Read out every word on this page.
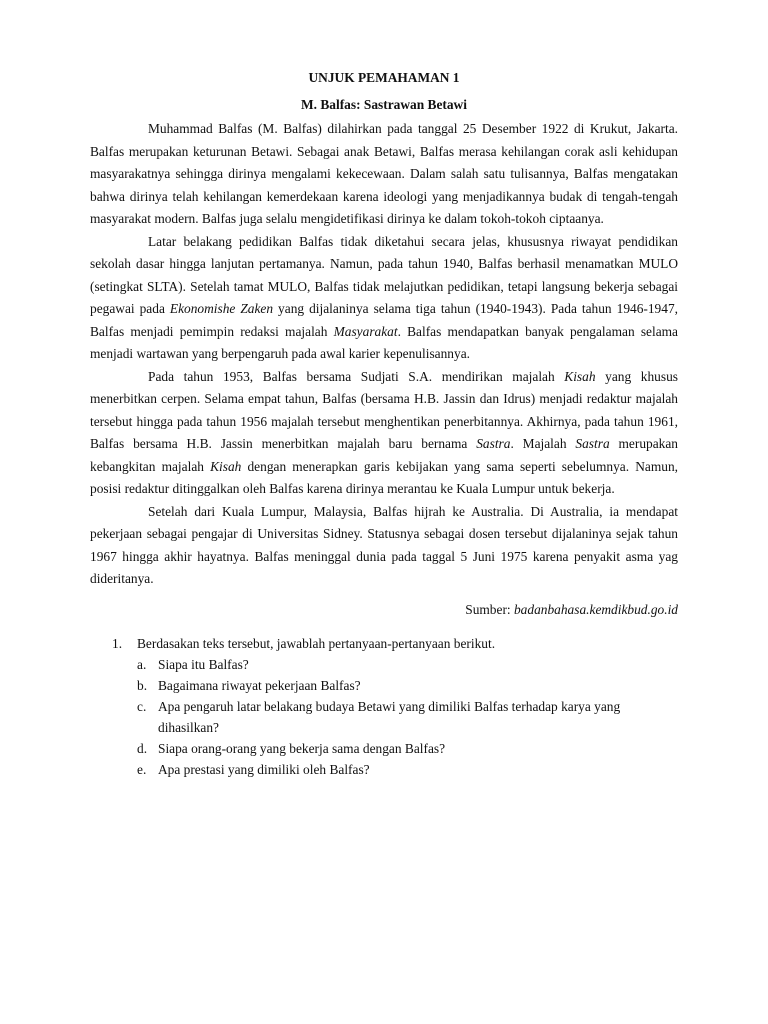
UNJUK PEMAHAMAN 1

M. Balfas: Sastrawan Betawi

Muhammad Balfas (M. Balfas) dilahirkan pada tanggal 25 Desember 1922 di Krukut, Jakarta. Balfas merupakan keturunan Betawi. Sebagai anak Betawi, Balfas merasa kehilangan corak asli kehidupan masyarakatnya sehingga dirinya mengalami kekecewaan. Dalam salah satu tulisannya, Balfas mengatakan bahwa dirinya telah kehilangan kemerdekaan karena ideologi yang menjadikannya budak di tengah-tengah masyarakat modern. Balfas juga selalu mengidetifikasi dirinya ke dalam tokoh-tokoh ciptaanya.

Latar belakang pedidikan Balfas tidak diketahui secara jelas, khususnya riwayat pendidikan sekolah dasar hingga lanjutan pertamanya. Namun, pada tahun 1940, Balfas berhasil menamatkan MULO (setingkat SLTA). Setelah tamat MULO, Balfas tidak melajutkan pedidikan, tetapi langsung bekerja sebagai pegawai pada Ekonomishe Zaken yang dijalaninya selama tiga tahun (1940-1943). Pada tahun 1946-1947, Balfas menjadi pemimpin redaksi majalah Masyarakat. Balfas mendapatkan banyak pengalaman selama menjadi wartawan yang berpengaruh pada awal karier kepenulisannya.

Pada tahun 1953, Balfas bersama Sudjati S.A. mendirikan majalah Kisah yang khusus menerbitkan cerpen. Selama empat tahun, Balfas (bersama H.B. Jassin dan Idrus) menjadi redaktur majalah tersebut hingga pada tahun 1956 majalah tersebut menghentikan penerbitannya. Akhirnya, pada tahun 1961, Balfas bersama H.B. Jassin menerbitkan majalah baru bernama Sastra. Majalah Sastra merupakan kebangkitan majalah Kisah dengan menerapkan garis kebijakan yang sama seperti sebelumnya. Namun, posisi redaktur ditinggalkan oleh Balfas karena dirinya merantau ke Kuala Lumpur untuk bekerja.

Setelah dari Kuala Lumpur, Malaysia, Balfas hijrah ke Australia. Di Australia, ia mendapat pekerjaan sebagai pengajar di Universitas Sidney. Statusnya sebagai dosen tersebut dijalaninya sejak tahun 1967 hingga akhir hayatnya. Balfas meninggal dunia pada taggal 5 Juni 1975 karena penyakit asma yag dideritanya.

Sumber: badanbahasa.kemdikbud.go.id

1.	Berdasakan teks tersebut, jawablah pertanyaan-pertanyaan berikut.
a. Siapa itu Balfas?
b. Bagaimana riwayat pekerjaan Balfas?
c. Apa pengaruh latar belakang budaya Betawi yang dimiliki Balfas terhadap karya yang dihasilkan?
d. Siapa orang-orang yang bekerja sama dengan Balfas?
e. Apa prestasi yang dimiliki oleh Balfas?
